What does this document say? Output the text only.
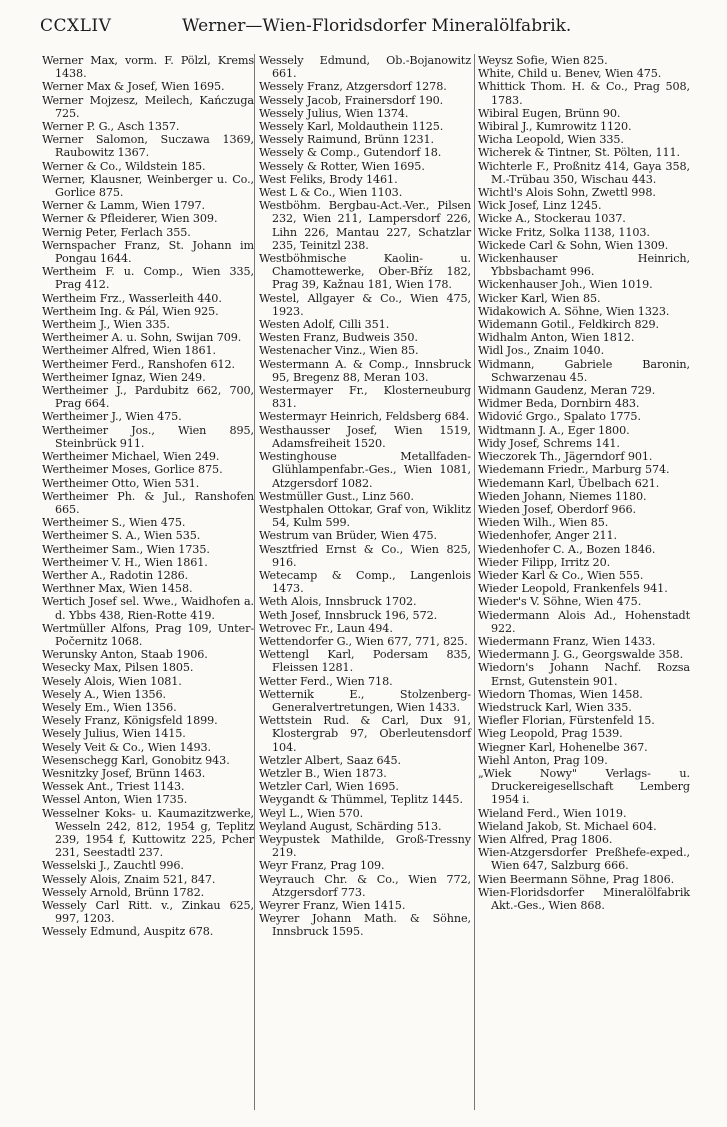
CCXLIV	Werner—Wien-Floridsdorfer Mineralölfabrik.
Werner Max, vorm. F. Pölzl, Krems 1438.
Werner Max & Josef, Wien 1695.
Werner Mojzesz, Meilech, Kańczuga 725.
Werner P. G., Asch 1357.
Werner Salomon, Suczawa 1369, Raubowitz 1367.
Werner & Co., Wildstein 185.
Werner, Klausner, Weinberger u. Co., Gorlice 875.
Werner & Lamm, Wien 1797.
Werner & Pfleiderer, Wien 309.
Wernig Peter, Ferlach 355.
Wernspacher Franz, St. Johann im Pongau 1644.
Wertheim F. u. Comp., Wien 335, Prag 412.
Wertheim Frz., Wasserleith 440.
Wertheim Ing. & Pál, Wien 925.
Wertheim J., Wien 335.
Wertheimer A. u. Sohn, Swijan 709.
Wertheimer Alfred, Wien 1861.
Wertheimer Ferd., Ranshofen 612.
Wertheimer Ignaz, Wien 249.
Wertheimer J., Pardubitz 662, 700, Prag 664.
Wertheimer J., Wien 475.
Wertheimer Jos., Wien 895, Steinbrück 911.
Wertheimer Michael, Wien 249.
Wertheimer Moses, Gorlice 875.
Wertheimer Otto, Wien 531.
Wertheimer Ph. & Jul., Ranshofen 665.
Wertheimer S., Wien 475.
Wertheimer S. A., Wien 535.
Wertheimer Sam., Wien 1735.
Wertheimer V. H., Wien 1861.
Werther A., Radotin 1286.
Werthner Max, Wien 1458.
Wertich Josef sel. Wwe., Waidhofen a. d. Ybbs 438, Rien-Rotte 419.
Wertmüller Alfons, Prag 109, Unter-Počernitz 1068.
Werunsky Anton, Staab 1906.
Wesecky Max, Pilsen 1805.
Wesely Alois, Wien 1081.
Wesely A., Wien 1356.
Wesely Em., Wien 1356.
Wesely Franz, Königsfeld 1899.
Wesely Julius, Wien 1415.
Wesely Veit & Co., Wien 1493.
Wesenschegg Karl, Gonobitz 943.
Wesnitzky Josef, Brünn 1463.
Wessek Ant., Triest 1143.
Wessel Anton, Wien 1735.
Wesselner Koks- u. Kaumazitzwerke, Wesseln 242, 812, 1954 g, Teplitz 239, 1954 f, Kuttowitz 225, Pcher 231, Seestadtl 237.
Wesselski J., Zauchtl 996.
Wessely Alois, Znaim 521, 847.
Wessely Arnold, Brünn 1782.
Wessely Carl Ritt. v., Zinkau 625, 997, 1203.
Wessely Edmund, Auspitz 678.
Wessely Edmund, Ob.-Bojanowitz 661.
Wessely Franz, Atzgersdorf 1278.
Wessely Jacob, Frainersdorf 190.
Wessely Julius, Wien 1374.
Wessely Karl, Moldauthein 1125.
Wessely Raimund, Brünn 1231.
Wessely & Comp., Gutendorf 18.
Wessely & Rotter, Wien 1695.
West Feliks, Brody 1461.
West L & Co., Wien 1103.
Westböhm. Bergbau-Act.-Ver., Pilsen 232, Wien 211, Lampersdorf 226, Lihn 226, Mantau 227, Schatzlar 235, Teinitzl 238.
Westböhmische Kaolin- u. Chamottewerke, Ober-Bříz 182, Prag 39, Kažnau 181, Wien 178.
Westel, Allgayer & Co., Wien 475, 1923.
Westen Adolf, Cilli 351.
Westen Franz, Budweis 350.
Westenacher Vinz., Wien 85.
Westermann A. & Comp., Innsbruck 95, Bregenz 88, Meran 103.
Westermayer Fr., Klosterneuburg 831.
Westermayr Heinrich, Feldsberg 684.
Westhausser Josef, Wien 1519, Adamsfreiheit 1520.
Westinghouse Metallfaden-Glühlampenfabr.-Ges., Wien 1081, Atzgersdorf 1082.
Westmüller Gust., Linz 560.
Westphalen Ottokar, Graf von, Wiklitz 54, Kulm 599.
Westrum van Brüder, Wien 475.
Wesztfried Ernst & Co., Wien 825, 916.
Wetecamp & Comp., Langenlois 1473.
Weth Alois, Innsbruck 1702.
Weth Josef, Innsbruck 196, 572.
Wetrovec Fr., Laun 494.
Wettendorfer G., Wien 677, 771, 825.
Wettengl Karl, Podersam 835, Fleissen 1281.
Wetter Ferd., Wien 718.
Wetternik E., Stolzenberg-Generalvertretungen, Wien 1433.
Wettstein Rud. & Carl, Dux 91, Klostergrab 97, Oberleutensdorf 104.
Wetzler Albert, Saaz 645.
Wetzler B., Wien 1873.
Wetzler Carl, Wien 1695.
Weygandt & Thümmel, Teplitz 1445.
Weyl L., Wien 570.
Weyland August, Schärding 513.
Weypustek Mathilde, Groß-Tressny 219.
Weyr Franz, Prag 109.
Weyrauch Chr. & Co., Wien 772, Atzgersdorf 773.
Weyrer Franz, Wien 1415.
Weyrer Johann Math. & Söhne, Innsbruck 1595.
Weysz Sofie, Wien 825.
White, Child u. Benev, Wien 475.
Whittick Thom. H. & Co., Prag 508, 1783.
Wibiral Eugen, Brünn 90.
Wibiral J., Kumrowitz 1120.
Wicha Leopold, Wien 335.
Wicherek & Tintner, St. Pölten, 111.
Wichterle F., Proßnitz 414, Gaya 358, M.-Trübau 350, Wischau 443.
Wichtl's Alois Sohn, Zwettl 998.
Wick Josef, Linz 1245.
Wicke A., Stockerau 1037.
Wicke Fritz, Solka 1138, 1103.
Wickede Carl & Sohn, Wien 1309.
Wickenhauser Heinrich, Ybbsbachamt 996.
Wickenhauser Joh., Wien 1019.
Wicker Karl, Wien 85.
Widakowich A. Söhne, Wien 1323.
Widemann Gotil., Feldkirch 829.
Widhalm Anton, Wien 1812.
Widl Jos., Znaim 1040.
Widmann, Gabriele Baronin, Schwarzenau 45.
Widmann Gaudenz, Meran 729.
Widmer Beda, Dornbirn 483.
Widović Grgo., Spalato 1775.
Widtmann J. A., Eger 1800.
Widy Josef, Schrems 141.
Wieczorek Th., Jägerndorf 901.
Wiedemann Friedr., Marburg 574.
Wiedemann Karl, Übelbach 621.
Wieden Johann, Niemes 1180.
Wieden Josef, Oberdorf 966.
Wieden Wilh., Wien 85.
Wiedenhofer, Anger 211.
Wiedenhofer C. A., Bozen 1846.
Wieder Filipp, Irritz 20.
Wieder Karl & Co., Wien 555.
Wieder Leopold, Frankenfels 941.
Wieder's V. Söhne, Wien 475.
Wiedermann Alois Ad., Hohenstadt 922.
Wiedermann Franz, Wien 1433.
Wiedermann J. G., Georgswalde 358.
Wiedorn's Johann Nachf. Rozsa Ernst, Gutenstein 901.
Wiedorn Thomas, Wien 1458.
Wiedstruck Karl, Wien 335.
Wiefler Florian, Fürstenfeld 15.
Wieg Leopold, Prag 1539.
Wiegner Karl, Hohenelbe 367.
Wiehl Anton, Prag 109.
„Wiek Nowy" Verlags- u. Druckereigesellschaft Lemberg 1954 i.
Wieland Ferd., Wien 1019.
Wieland Jakob, St. Michael 604.
Wien Alfred, Prag 1806.
Wien-Atzgersdorfer Preßhefe-exped., Wien 647, Salzburg 666.
Wien Beermann Söhne, Prag 1806.
Wien-Floridsdorfer Mineralölfabrik Akt.-Ges., Wien 868.
